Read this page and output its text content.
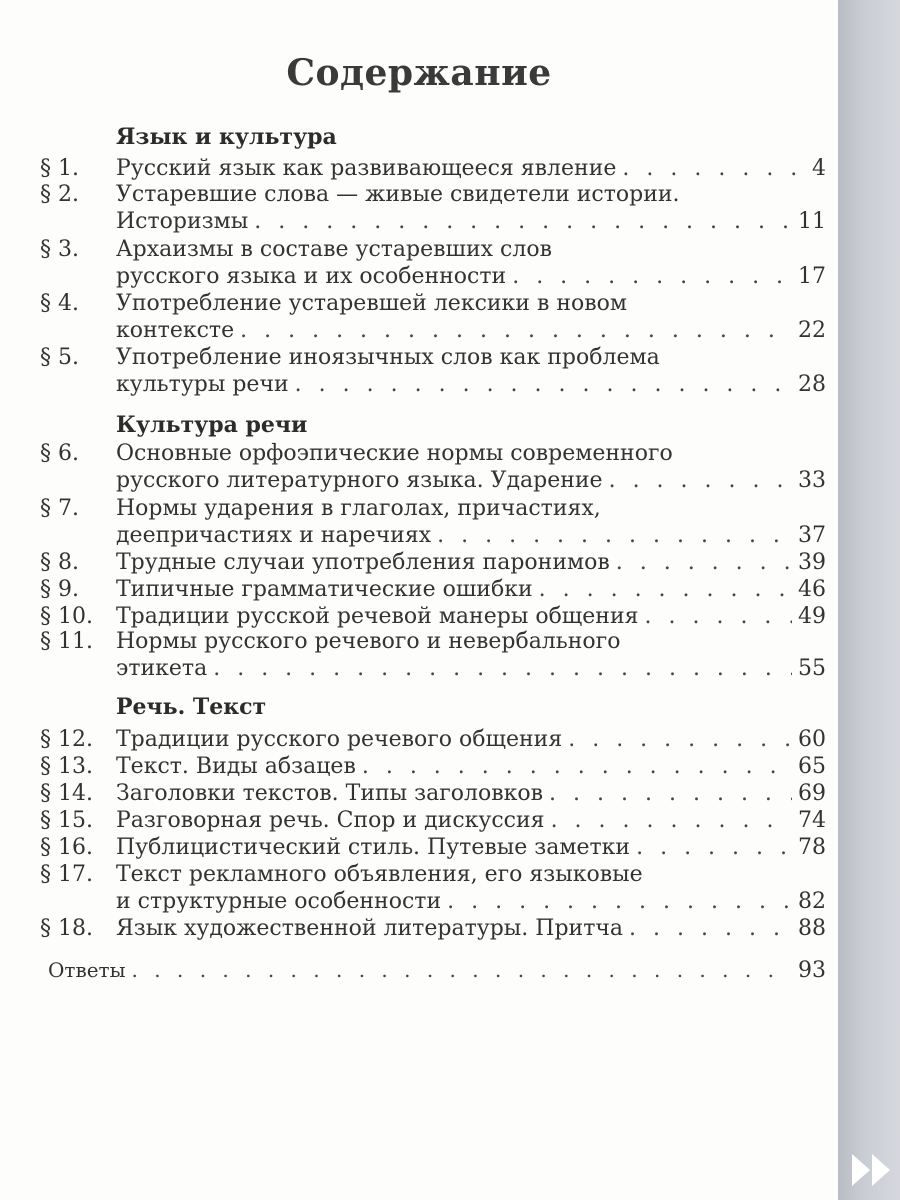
Содержание
Язык и культура
§ 1.	Русский язык как развивающееся явление . . .	4
§ 2.	Устаревшие слова — живые свидетели истории.
Историзмы . . .	11
§ 3.	Архаизмы в составе устаревших слов
русского языка и их особенности . . .	17
§ 4.	Употребление устаревшей лексики в новом
контексте . . .	22
§ 5.	Употребление иноязычных слов как проблема
культуры речи . . .	28
Культура речи
§ 6.	Основные орфоэпические нормы современного
русского литературного языка. Ударение . . .	33
§ 7.	Нормы ударения в глаголах, причастиях,
деепричастиях и наречиях . . .	37
§ 8.	Трудные случаи употребления паронимов . . .	39
§ 9.	Типичные грамматические ошибки . . .	46
§ 10.	Традиции русской речевой манеры общения . . .	49
§ 11.	Нормы русского речевого и невербального
этикета . . .	55
Речь. Текст
§ 12.	Традиции русского речевого общения . . .	60
§ 13.	Текст. Виды абзацев . . .	65
§ 14.	Заголовки текстов. Типы заголовков . . .	69
§ 15.	Разговорная речь. Спор и дискуссия . . .	74
§ 16.	Публицистический стиль. Путевые заметки . . .	78
§ 17.	Текст рекламного объявления, его языковые
и структурные особенности . . .	82
§ 18.	Язык художественной литературы. Притча . . .	88
Ответы . . .	93
